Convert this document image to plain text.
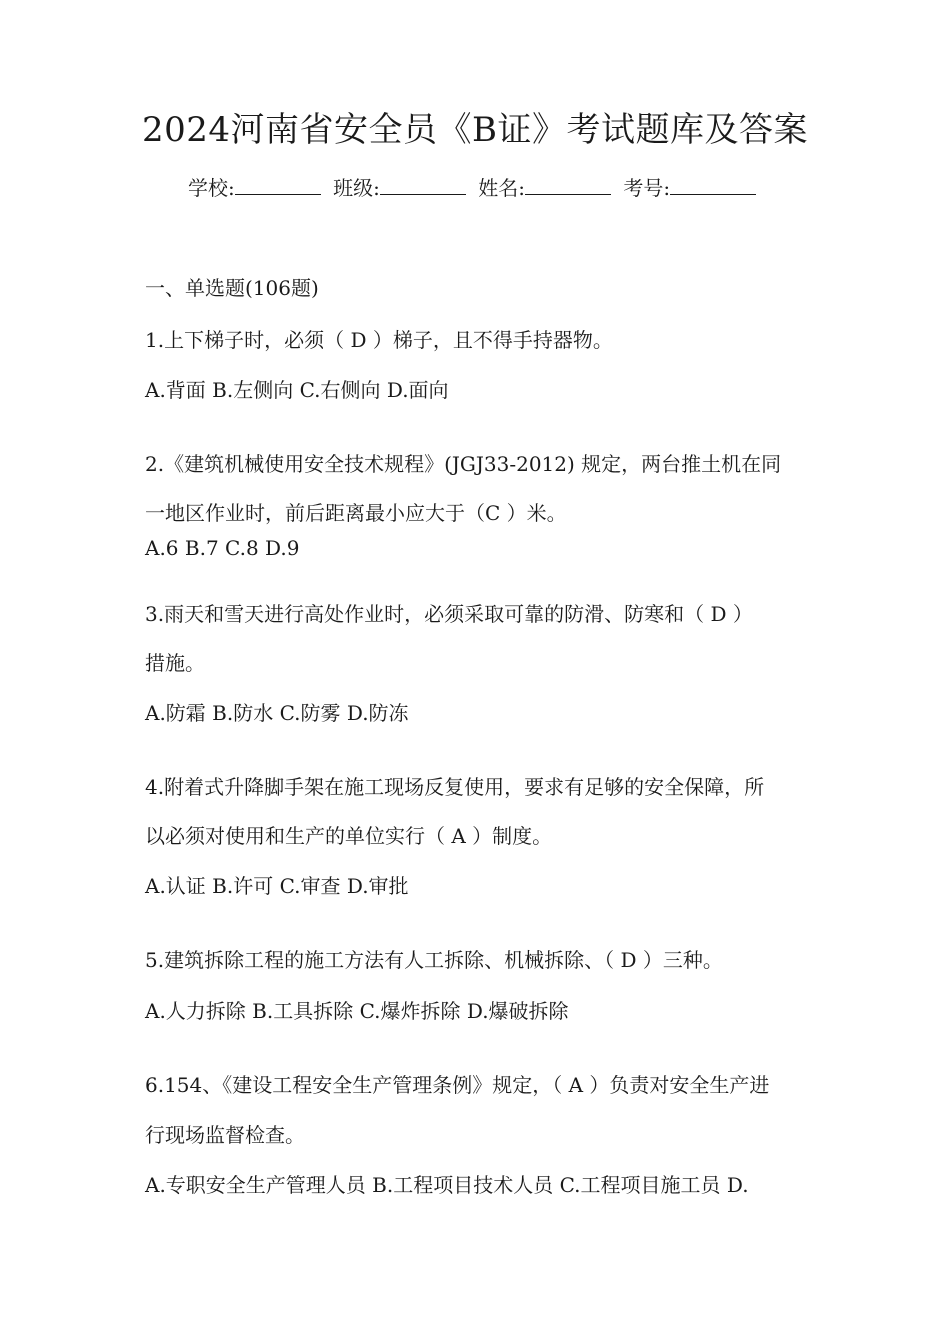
2024河南省安全员《B证》考试题库及答案
学校:	班级:	姓名:	考号:
一、单选题(106题)
1.上下梯子时，必须（ D ）梯子，且不得手持器物。
A.背面 B.左侧向 C.右侧向 D.面向
2.《建筑机械使用安全技术规程》(JGJ33-2012) 规定，两台推土机在同
一地区作业时，前后距离最小应大于（C ）米。
A.6 B.7 C.8 D.9
3.雨天和雪天进行高处作业时，必须采取可靠的防滑、防寒和（ D ）
措施。
A.防霜 B.防水 C.防雾 D.防冻
4.附着式升降脚手架在施工现场反复使用，要求有足够的安全保障，所
以必须对使用和生产的单位实行（ A ）制度。
A.认证 B.许可 C.审查 D.审批
5.建筑拆除工程的施工方法有人工拆除、机械拆除、（ D ）三种。
A.人力拆除 B.工具拆除 C.爆炸拆除 D.爆破拆除
6.154、《建设工程安全生产管理条例》规定，（ A ）负责对安全生产进
行现场监督检查。
A.专职安全生产管理人员 B.工程项目技术人员 C.工程项目施工员 D.
